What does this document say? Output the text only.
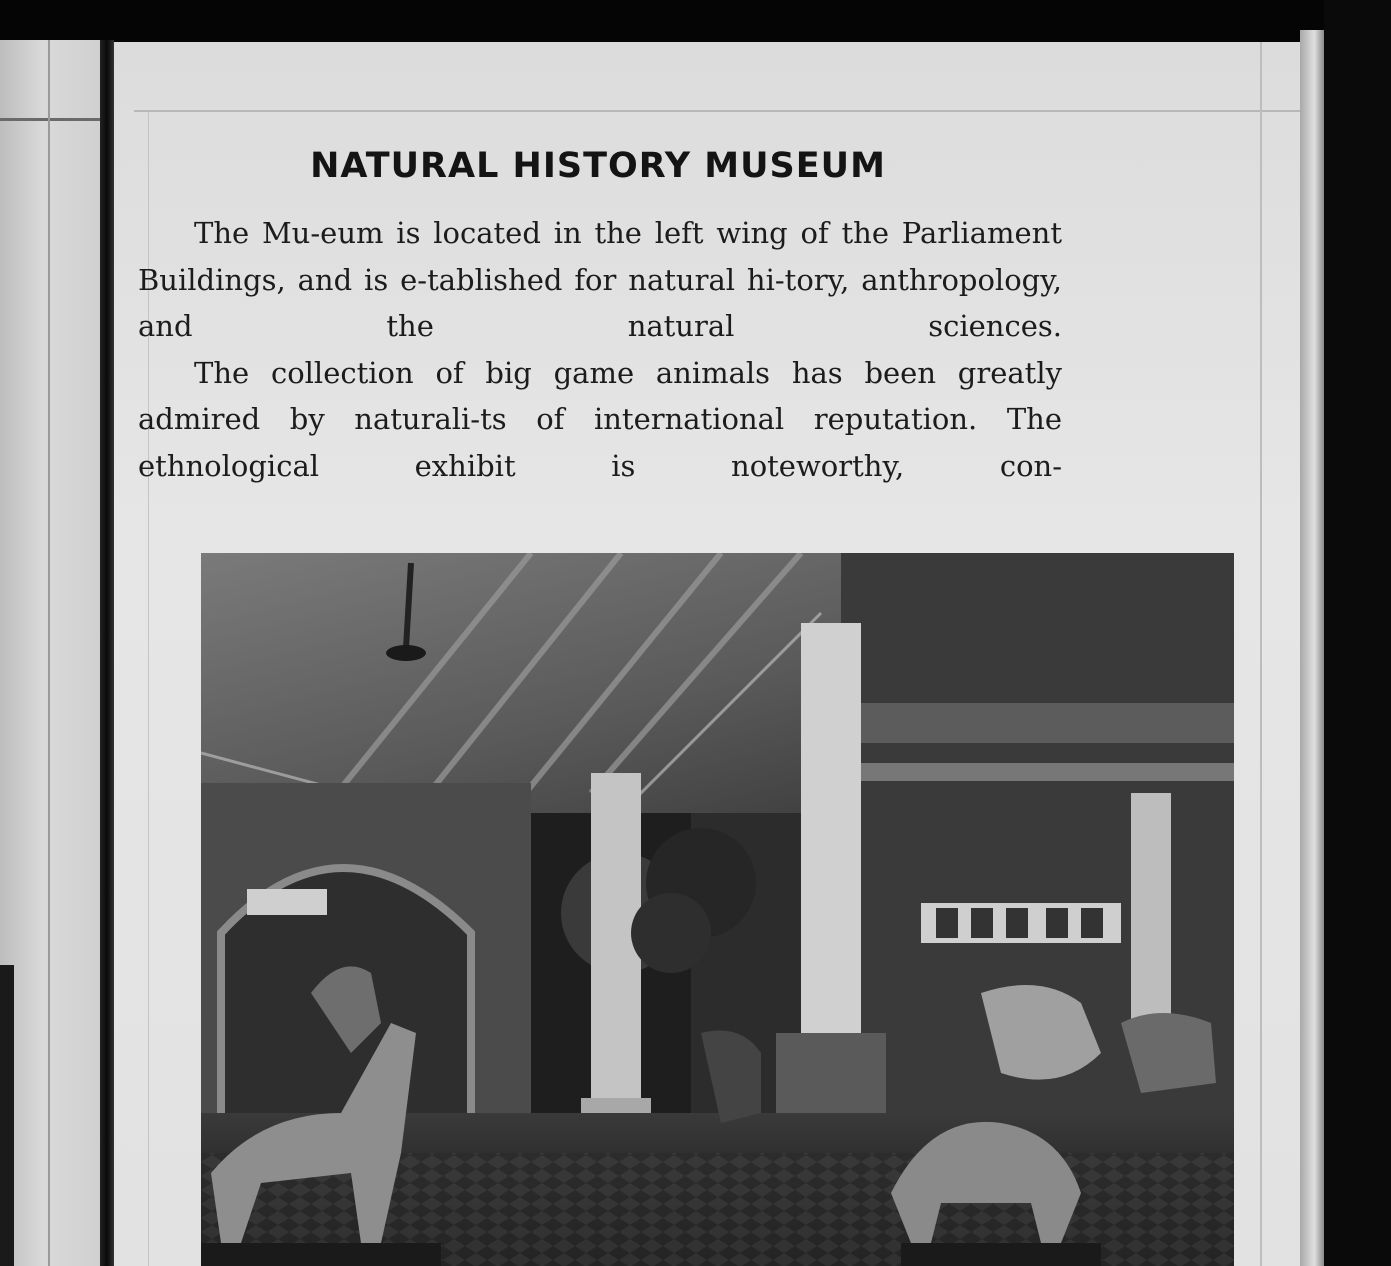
NATURAL HISTORY MUSEUM

The Mu-eum is located in the left wing of the Parliament Buildings, and is e-tablished for natural hi-tory, anthropology, and the natural sciences.

The collection of big game animals has been greatly admired by naturali-ts of international reputation. The ethnological exhibit is noteworthy, con-
